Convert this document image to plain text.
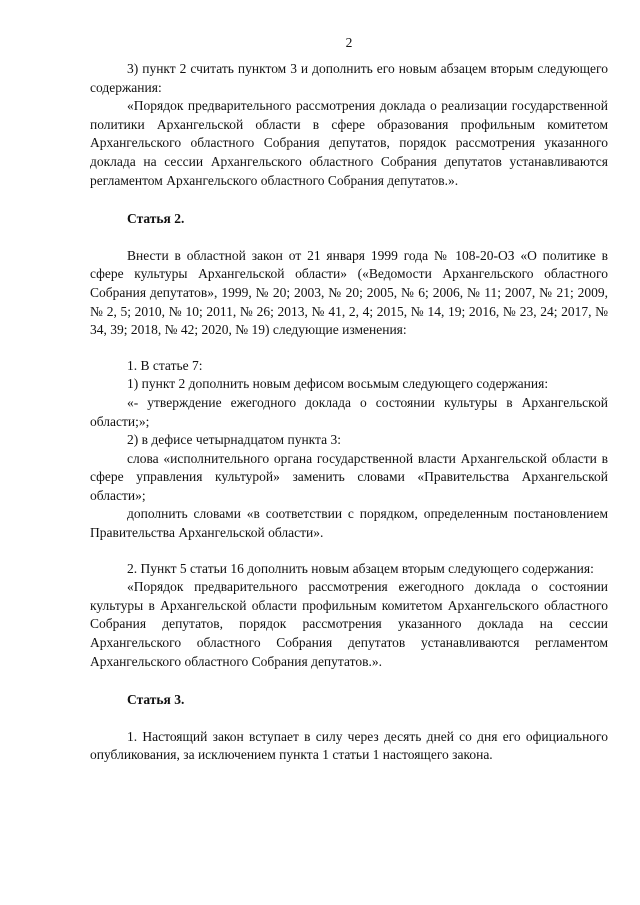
2

3) пункт 2 считать пунктом 3 и дополнить его новым абзацем вторым следующего содержания:

«Порядок предварительного рассмотрения доклада о реализации государственной политики Архангельской области в сфере образования профильным комитетом Архангельского областного Собрания депутатов, порядок рассмотрения указанного доклада на сессии Архангельского областного Собрания депутатов устанавливаются регламентом Архангельского областного Собрания депутатов.».

Статья 2.

Внести в областной закон от 21 января 1999 года № 108-20-ОЗ «О политике в сфере культуры Архангельской области» («Ведомости Архангельского областного Собрания депутатов», 1999, № 20; 2003, № 20; 2005, № 6; 2006, № 11; 2007, № 21; 2009, № 2, 5; 2010, № 10; 2011, № 26; 2013, № 41, 2, 4; 2015, № 14, 19; 2016, № 23, 24; 2017, № 34, 39; 2018, № 42; 2020, № 19) следующие изменения:

1. В статье 7:

1) пункт 2 дополнить новым дефисом восьмым следующего содержания:

«- утверждение ежегодного доклада о состоянии культуры в Архангельской области;»;

2) в дефисе четырнадцатом пункта 3:

слова «исполнительного органа государственной власти Архангельской области в сфере управления культурой» заменить словами «Правительства Архангельской области»;

дополнить словами «в соответствии с порядком, определенным постановлением Правительства Архангельской области».

2. Пункт 5 статьи 16 дополнить новым абзацем вторым следующего содержания:

«Порядок предварительного рассмотрения ежегодного доклада о состоянии культуры в Архангельской области профильным комитетом Архангельского областного Собрания депутатов, порядок рассмотрения указанного доклада на сессии Архангельского областного Собрания депутатов устанавливаются регламентом Архангельского областного Собрания депутатов.».

Статья 3.

1. Настоящий закон вступает в силу через десять дней со дня его официального опубликования, за исключением пункта 1 статьи 1 настоящего закона.
